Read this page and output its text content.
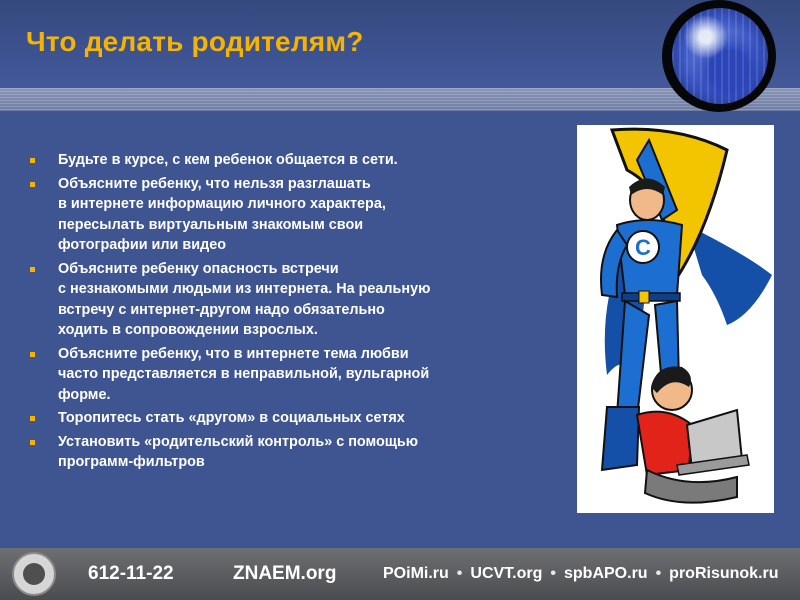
Что делать родителям?
Будьте в курсе, с кем ребенок общается в сети.
Объясните ребенку, что нельзя разглашать
в интернете информацию личного характера,
пересылать виртуальным знакомым свои
фотографии или видео
Объясните ребенку опасность встречи
с незнакомыми людьми из интернета. На реальную
встречу с интернет-другом надо обязательно
ходить в сопровождении взрослых.
Объясните ребенку, что в интернете тема любви
часто представляется в неправильной, вульгарной
форме.
Торопитесь стать «другом» в социальных сетях
Установить «родительский контроль» с помощью
программ-фильтров
C
612-11-22	ZNAEM.org	POiMi.ru • UCVT.org • spbAPO.ru • proRisunok.ru
